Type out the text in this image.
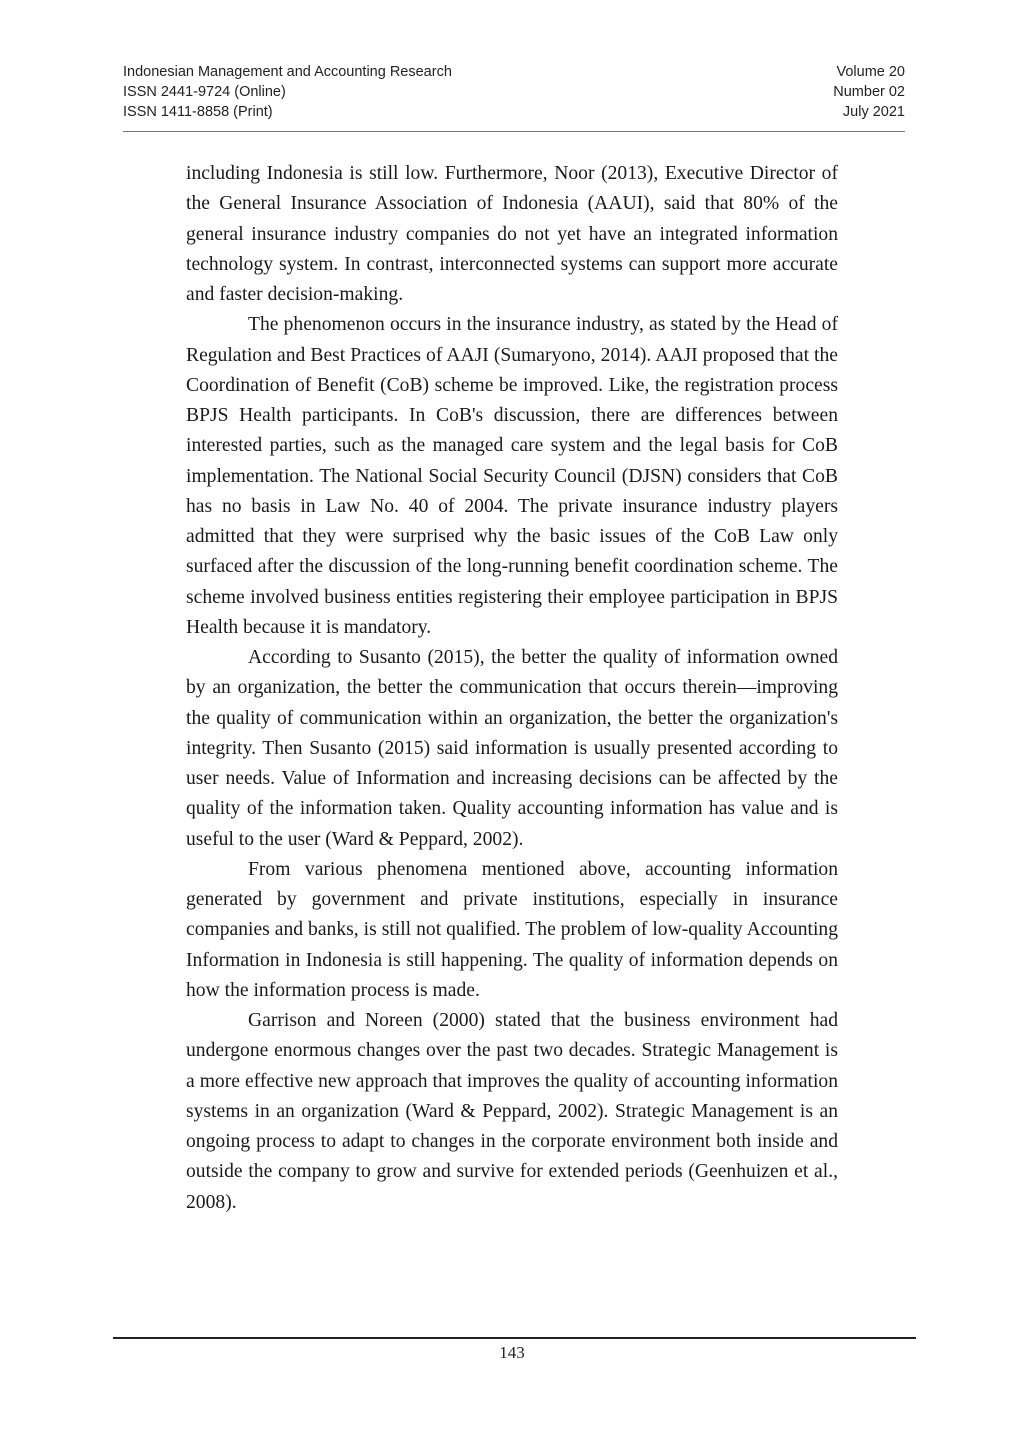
Indonesian Management and Accounting Research
ISSN 2441-9724 (Online)
ISSN 1411-8858 (Print)
Volume 20
Number 02
July 2021

including Indonesia is still low. Furthermore, Noor (2013), Executive Director of the General Insurance Association of Indonesia (AAUI), said that 80% of the general insurance industry companies do not yet have an integrated information technology system. In contrast, interconnected systems can support more accurate and faster decision-making.

The phenomenon occurs in the insurance industry, as stated by the Head of Regulation and Best Practices of AAJI (Sumaryono, 2014). AAJI proposed that the Coordination of Benefit (CoB) scheme be improved. Like, the registration process BPJS Health participants. In CoB's discussion, there are differences between interested parties, such as the managed care system and the legal basis for CoB implementation. The National Social Security Council (DJSN) considers that CoB has no basis in Law No. 40 of 2004. The private insurance industry players admitted that they were surprised why the basic issues of the CoB Law only surfaced after the discussion of the long-running benefit coordination scheme. The scheme involved business entities registering their employee participation in BPJS Health because it is mandatory.

According to Susanto (2015), the better the quality of information owned by an organization, the better the communication that occurs therein—improving the quality of communication within an organization, the better the organization's integrity. Then Susanto (2015) said information is usually presented according to user needs. Value of Information and increasing decisions can be affected by the quality of the information taken. Quality accounting information has value and is useful to the user (Ward & Peppard, 2002).

From various phenomena mentioned above, accounting information generated by government and private institutions, especially in insurance companies and banks, is still not qualified. The problem of low-quality Accounting Information in Indonesia is still happening. The quality of information depends on how the information process is made.

Garrison and Noreen (2000) stated that the business environment had undergone enormous changes over the past two decades. Strategic Management is a more effective new approach that improves the quality of accounting information systems in an organization (Ward & Peppard, 2002). Strategic Management is an ongoing process to adapt to changes in the corporate environment both inside and outside the company to grow and survive for extended periods (Geenhuizen et al., 2008).

143
